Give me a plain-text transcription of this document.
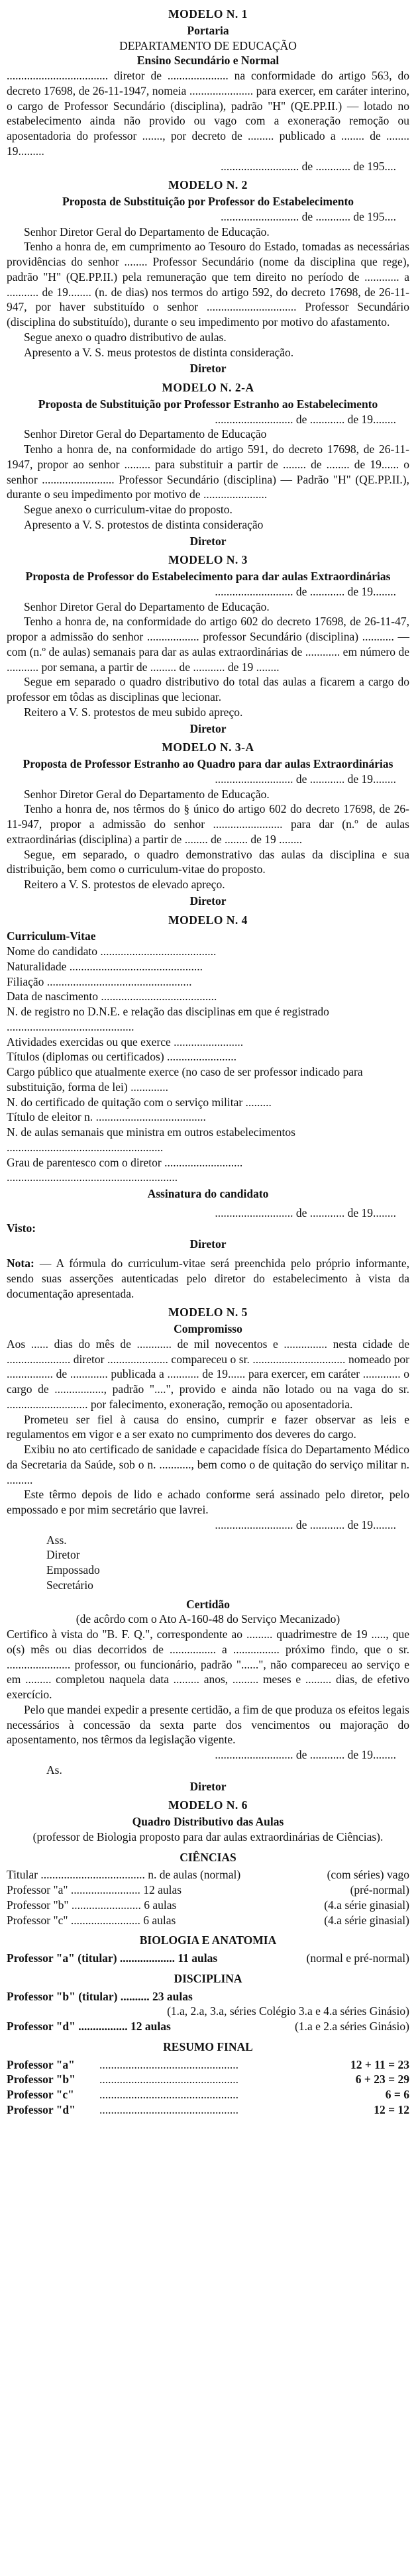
MODELO N. 1
Portaria
DEPARTAMENTO DE EDUCAÇÃO
Ensino Secundário e Normal

................................... diretor de ..................... na conformidade do artigo 563, do decreto 17698, de 26-11-1947, nomeia ...................... para exercer, em caráter interino, o cargo de Professor Secundário (disciplina), padrão "H" (QE.PP.II.) — lotado no estabelecimento ainda não provido ou vago com a exoneração remoção ou aposentadoria do professor ......., por decreto de ......... publicado a ........ de ........ 19.........

........................... de ............ de 195....

MODELO N. 2
Proposta de Substituição por Professor do Estabelecimento

........................... de ............ de 195....

Senhor Diretor Geral do Departamento de Educação.

Tenho a honra de, em cumprimento ao Tesouro do Estado, tomadas as necessárias providências do senhor ........ Professor Secundário (nome da disciplina que rege), padrão "H" (QE.PP.II.) pela remuneração que tem direito no período de ............ a ........... de 19........ (n. de dias) nos termos do artigo 592, do decreto 17698, de 26-11-947, por haver substituído o senhor ............................... Professor Secundário (disciplina do substituído), durante o seu impedimento por motivo do afastamento.

Segue anexo o quadro distributivo de aulas.

Apresento a V. S. meus protestos de distinta consideração.

Diretor
MODELO N. 2-A
Proposta de Substituição por Professor Estranho ao Estabelecimento

........................... de ............ de 19........

Senhor Diretor Geral do Departamento de Educação

Tenho a honra de, na conformidade do artigo 591, do decreto 17698, de 26-11-1947, propor ao senhor ......... para substituir a partir de ........ de ........ de 19...... o senhor ......................... Professor Secundário (disciplina) — Padrão "H" (QE.PP.II.), durante o seu impedimento por motivo de ......................

Segue anexo o curriculum-vitae do proposto.

Apresento a V. S. protestos de distinta consideração

Diretor
MODELO N. 3
Proposta de Professor do Estabelecimento para dar aulas Extraordinárias

........................... de ............ de 19........

Senhor Diretor Geral do Departamento de Educação.

Tenho a honra de, na conformidade do artigo 602 do decreto 17698, de 26-11-47, propor a admissão do senhor .................. professor Secundário (disciplina) ........... — com (n.º de aulas) semanais para dar as aulas extraordinárias de ............ em número de ........... por semana, a partir de ......... de ........... de 19 ........

Segue em separado o quadro distributivo do total das aulas a ficarem a cargo do professor em tôdas as disciplinas que lecionar.

Reitero a V. S. protestos de meu subido apreço.

Diretor
MODELO N. 3-A
Proposta de Professor Estranho ao Quadro para dar aulas Extraordinárias

........................... de ............ de 19........

Senhor Diretor Geral do Departamento de Educação.

Tenho a honra de, nos têrmos do § único do artigo 602 do decreto 17698, de 26-11-947, propor a admissão do senhor ........................ para dar (n.º de aulas extraordinárias (disciplina) a partir de ........ de ........ de 19 ........

Segue, em separado, o quadro demonstrativo das aulas da disciplina e sua distribuição, bem como o curriculum-vitae do proposto.

Reitero a V. S. protestos de elevado apreço.

Diretor
MODELO N. 4
Curriculum-Vitae
Nome do candidato ........................................
Naturalidade ..............................................
Filiação ..................................................
Data de nascimento ........................................
N. de registro no D.N.E. e relação das disciplinas em que é registrado ............................................
Atividades exercidas ou que exerce ........................
Títulos (diplomas ou certificados) ........................
Cargo público que atualmente exerce (no caso de ser professor indicado para substituição, forma de lei) .............
N. do certificado de quitação com o serviço militar .........
Título de eleitor n. ......................................
N. de aulas semanais que ministra em outros estabelecimentos ......................................................
Grau de parentesco com o diretor ...........................
...........................................................
Assinatura do candidato

........................... de ............ de 19........

Visto:
Diretor

Nota: — A fórmula do curriculum-vitae será preenchida pelo próprio informante, sendo suas asserções autenticadas pelo diretor do estabelecimento à vista da documentação apresentada.

MODELO N. 5
Compromisso

Aos ...... dias do mês de ............ de mil novecentos e ............... nesta cidade de ...................... diretor ..................... compareceu o sr. ................................ nomeado por ................ de ............. publicada a ........... de 19...... para exercer, em caráter ............. o cargo de ................., padrão "....", provido e ainda não lotado ou na vaga do sr. ............................ por falecimento, exoneração, remoção ou aposentadoria.

Prometeu ser fiel à causa do ensino, cumprir e fazer observar as leis e regulamentos em vigor e a ser exato no cumprimento dos deveres do cargo.

Exibiu no ato certificado de sanidade e capacidade física do Departamento Médico da Secretaria da Saúde, sob o n. ..........., bem como o de quitação do serviço militar n. .........

Este têrmo depois de lido e achado conforme será assinado pelo diretor, pelo empossado e por mim secretário que lavrei.

........................... de ............ de 19........

Ass.
Diretor
Empossado
Secretário
Certidão
(de acôrdo com o Ato A-160-48 do Serviço Mecanizado)

Certifico à vista do "B. F. Q.", correspondente ao ......... quadrimestre de 19 ....., que o(s) mês ou dias decorridos de ................ a ................ próximo findo, que o sr. ...................... professor, ou funcionário, padrão "......", não compareceu ao serviço e em ......... completou naquela data ......... anos, ......... meses e ......... dias, de efetivo exercício.

Pelo que mandei expedir a presente certidão, a fim de que produza os efeitos legais necessários à concessão da sexta parte dos vencimentos ou majoração do aposentamento, nos têrmos da legislação vigente.

........................... de ............ de 19........

As.
Diretor
MODELO N. 6
Quadro Distributivo das Aulas
(professor de Biologia proposto para dar aulas extraordinárias de Ciências).
CIÊNCIAS
Titular .................................... n. de aulas (normal)	(com séries) vago
Professor "a" ........................ 12 aulas	(pré-normal)
Professor "b" ........................ 6 aulas	(4.a série ginasial)
Professor "c" ........................ 6 aulas	(4.a série ginasial)
BIOLOGIA E ANATOMIA
Professor "a" (titular) ................... 11 aulas	(normal e pré-normal)
DISCIPLINA
Professor "b" (titular) .......... 23 aulas
(1.a, 2.a, 3.a, séries Colégio 3.a e 4.a séries Ginásio)
Professor "d" ................. 12 aulas	(1.a e 2.a séries Ginásio)
RESUMO FINAL
Professor "a"	................................................	12 + 11 = 23
Professor "b"	................................................	6 + 23 = 29
Professor "c"	................................................	6 = 6
Professor "d"	................................................	12 = 12
